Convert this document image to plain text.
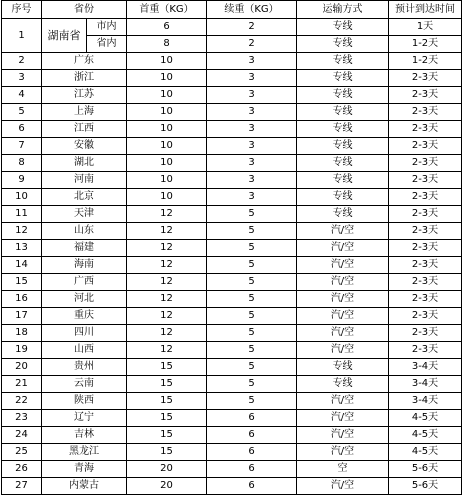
序号	省份		首重（KG）	续重（KG）	运输方式	预计到达时间	
1	湖南省	市内	6	2	专线	1天	
		省内	8	2	专线	1-2天	
2	广东		10	3	专线	1-2天	
3	浙江		10	3	专线	2-3天	
4	江苏		10	3	专线	2-3天	
5	上海		10	3	专线	2-3天	
6	江西		10	3	专线	2-3天	
7	安徽		10	3	专线	2-3天	
8	湖北		10	3	专线	2-3天	
9	河南		10	3	专线	2-3天	
10	北京		10	3	专线	2-3天	
11	天津		12	5	专线	2-3天	
12	山东		12	5	汽/空	2-3天	
13	福建		12	5	汽/空	2-3天	
14	海南		12	5	汽/空	2-3天	
15	广西		12	5	汽/空	2-3天	
16	河北		12	5	汽/空	2-3天	
17	重庆		12	5	汽/空	2-3天	
18	四川		12	5	汽/空	2-3天	
19	山西		12	5	汽/空	2-3天	
20	贵州		15	5	专线	3-4天	
21	云南		15	5	专线	3-4天	
22	陕西		15	5	汽/空	3-4天	
23	辽宁		15	6	汽/空	4-5天	
24	吉林		15	6	汽/空	4-5天	
25	黑龙江		15	6	汽/空	4-5天	
26	青海		20	6	空	5-6天	
27	内蒙古		20	6	汽/空	5-6天	
